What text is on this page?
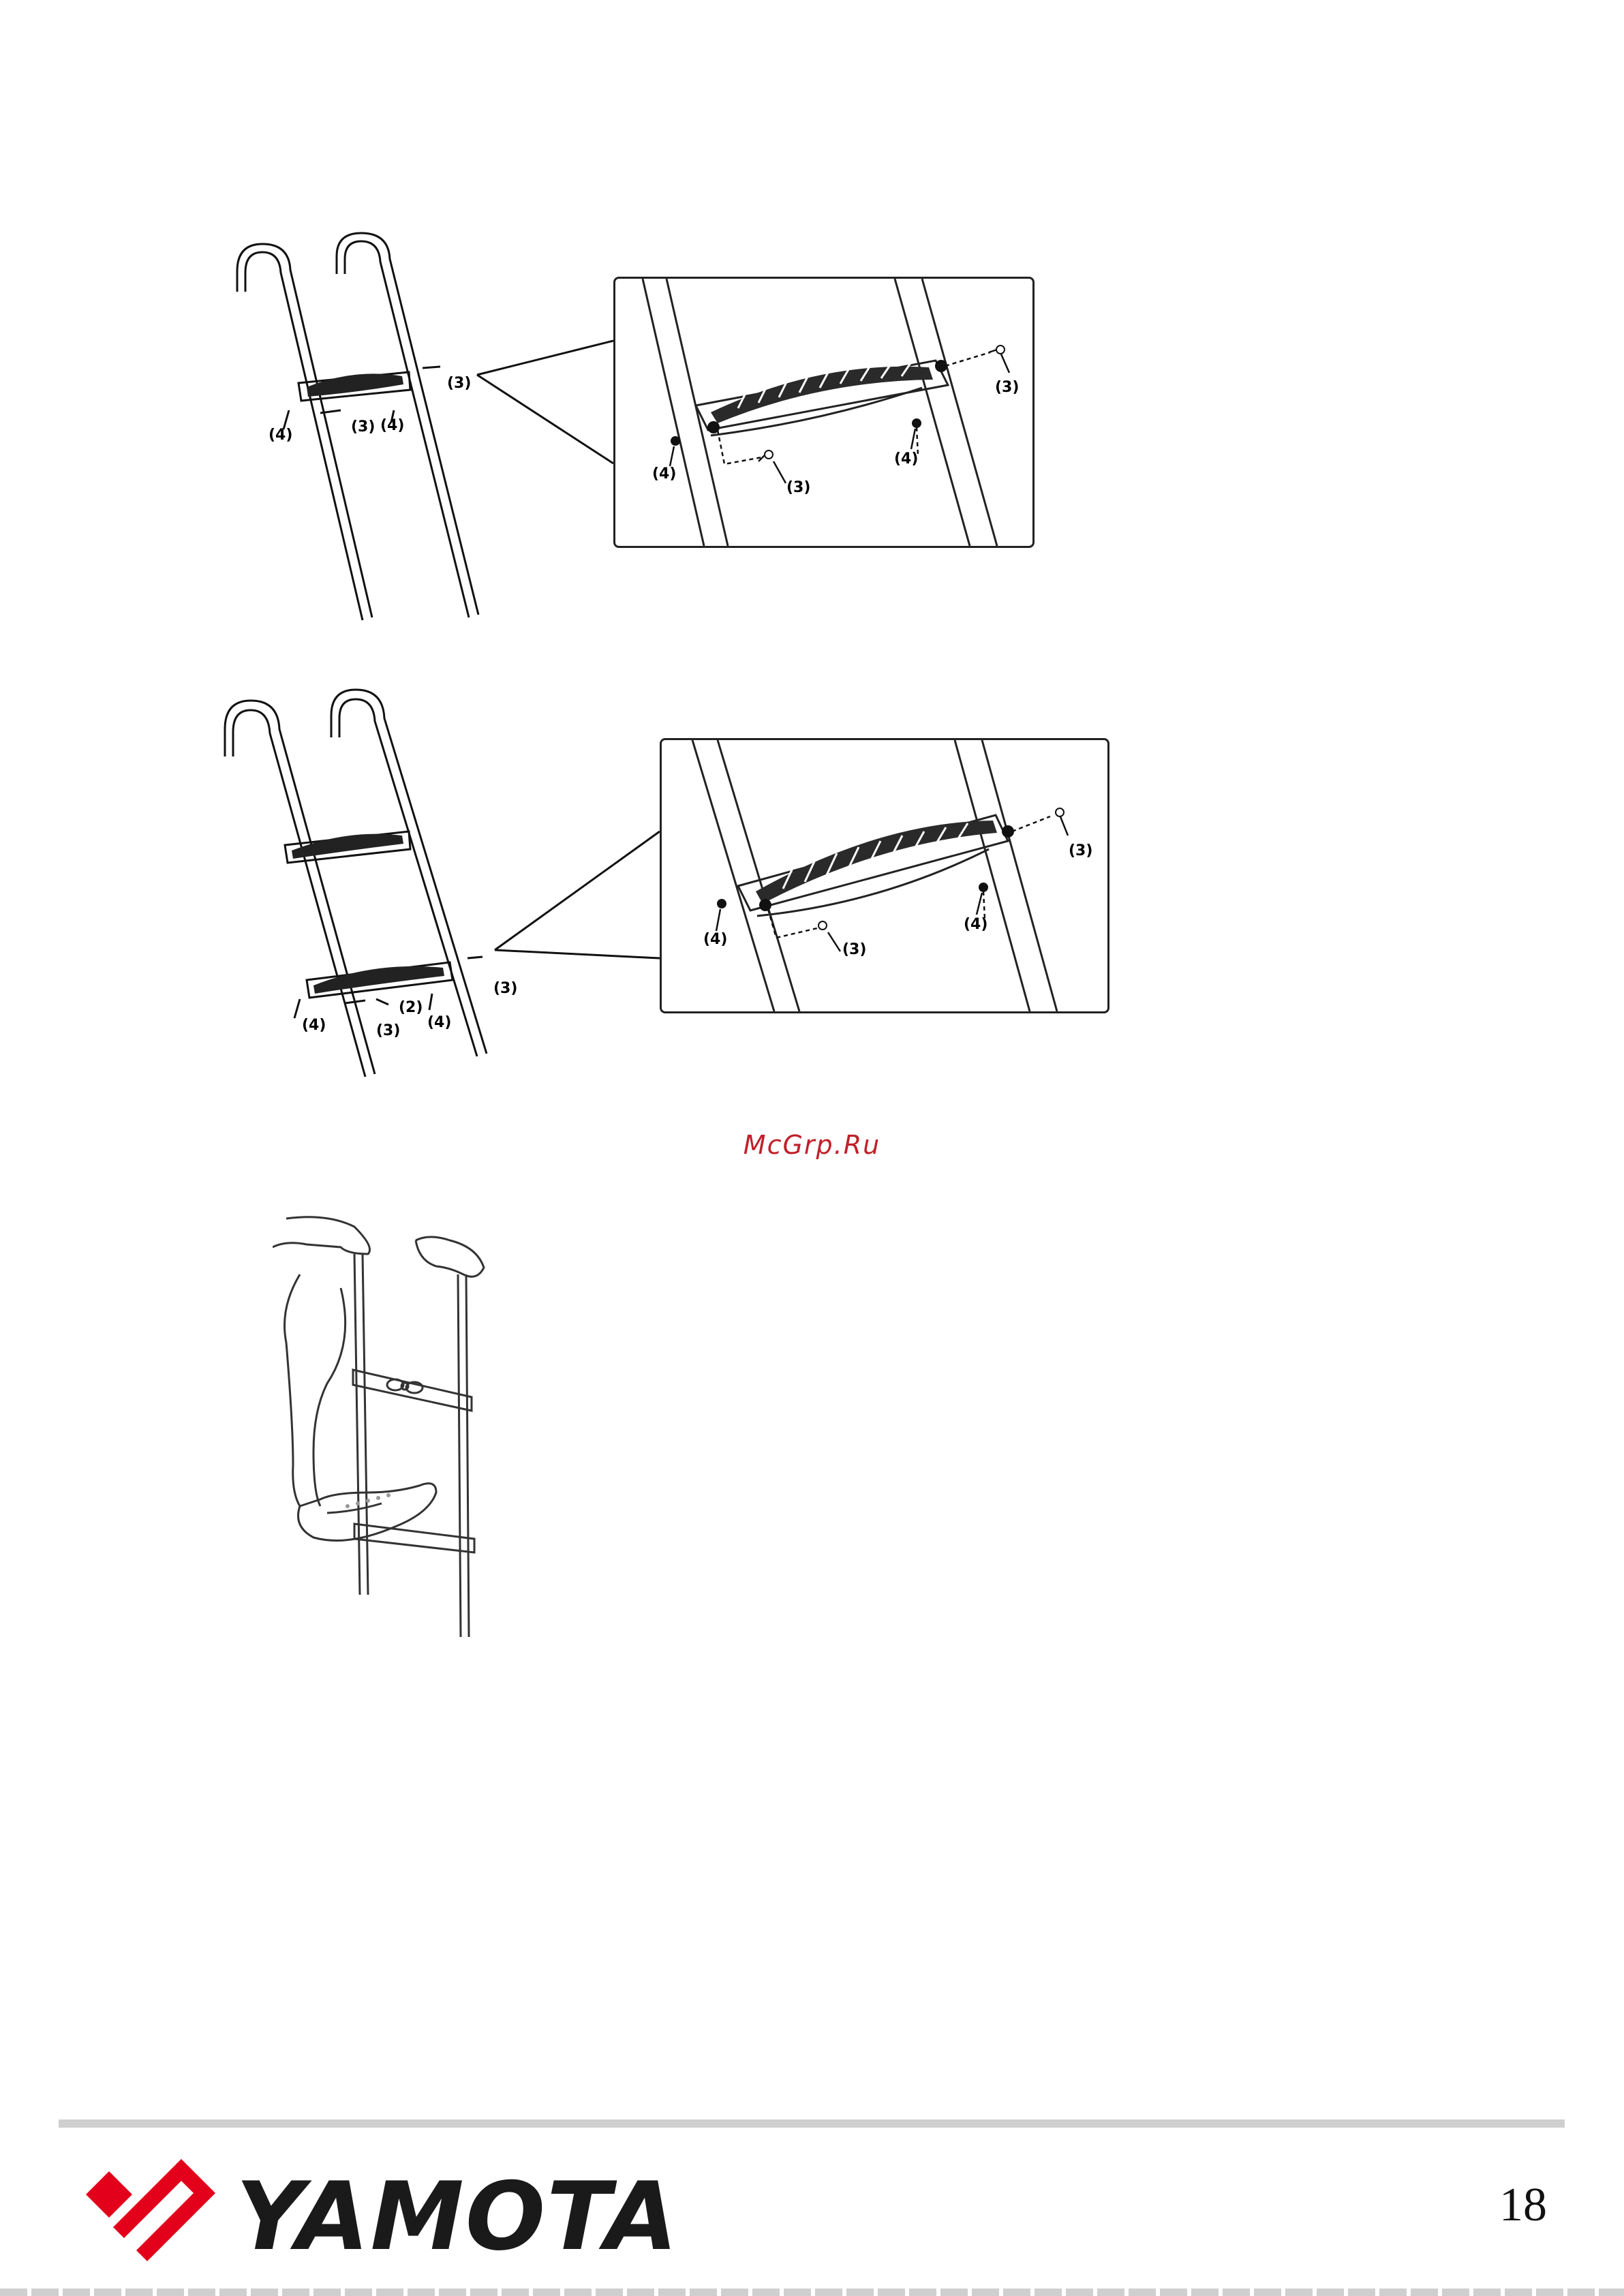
(3)
(3)
(4)
(4)
(3)
(3)
(4)
(4)
(3)
(2)
(3)
(4)	(4)
(3)
(3)
(4)
(4)
McGrp.Ru
YAMOTA	18
